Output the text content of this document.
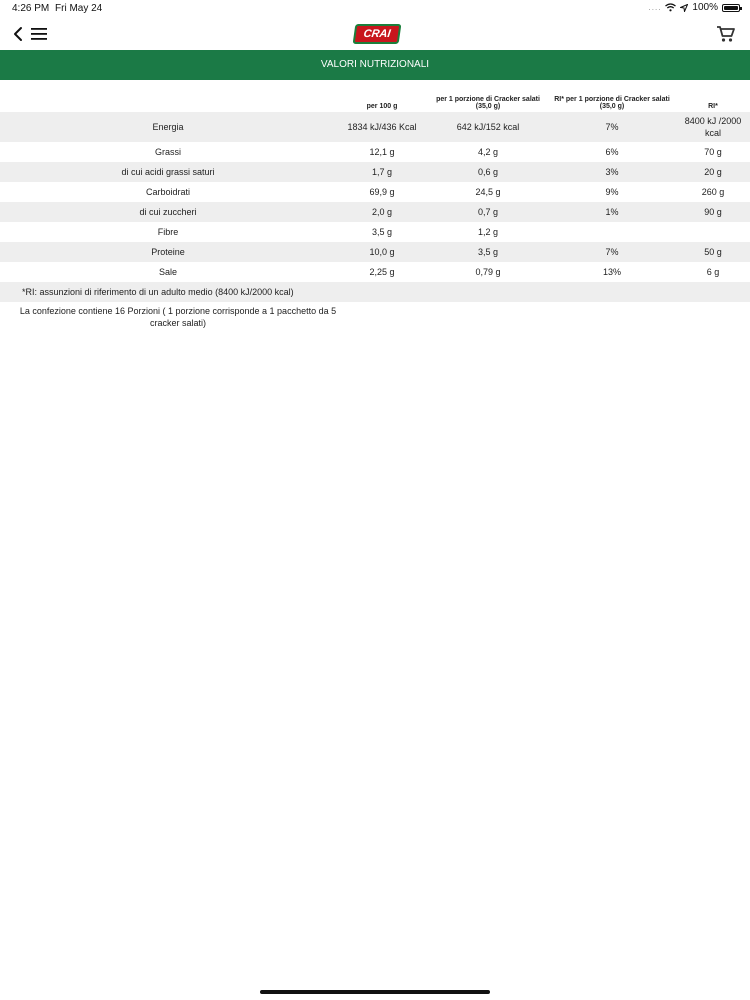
4:26 PM Fri May 24	....	100%
CRAI
VALORI NUTRIZIONALI
	per 100 g	per 1 porzione di Cracker salati (35,0 g)	RI* per 1 porzione di Cracker salati (35,0 g)	RI*
Energia	1834 kJ/436 Kcal	642 kJ/152 kcal	7%	8400 kJ /2000 kcal
Grassi	12,1 g	4,2 g	6%	70 g
di cui acidi grassi saturi	1,7 g	0,6 g	3%	20 g
Carboidrati	69,9 g	24,5 g	9%	260 g
di cui zuccheri	2,0 g	0,7 g	1%	90 g
Fibre	3,5 g	1,2 g		
Proteine	10,0 g	3,5 g	7%	50 g
Sale	2,25 g	0,79 g	13%	6 g
*RI: assunzioni di riferimento di un adulto medio (8400 kJ/2000 kcal)				
La confezione contiene 16 Porzioni ( 1 porzione corrisponde a 1 pacchetto da 5 cracker salati)
